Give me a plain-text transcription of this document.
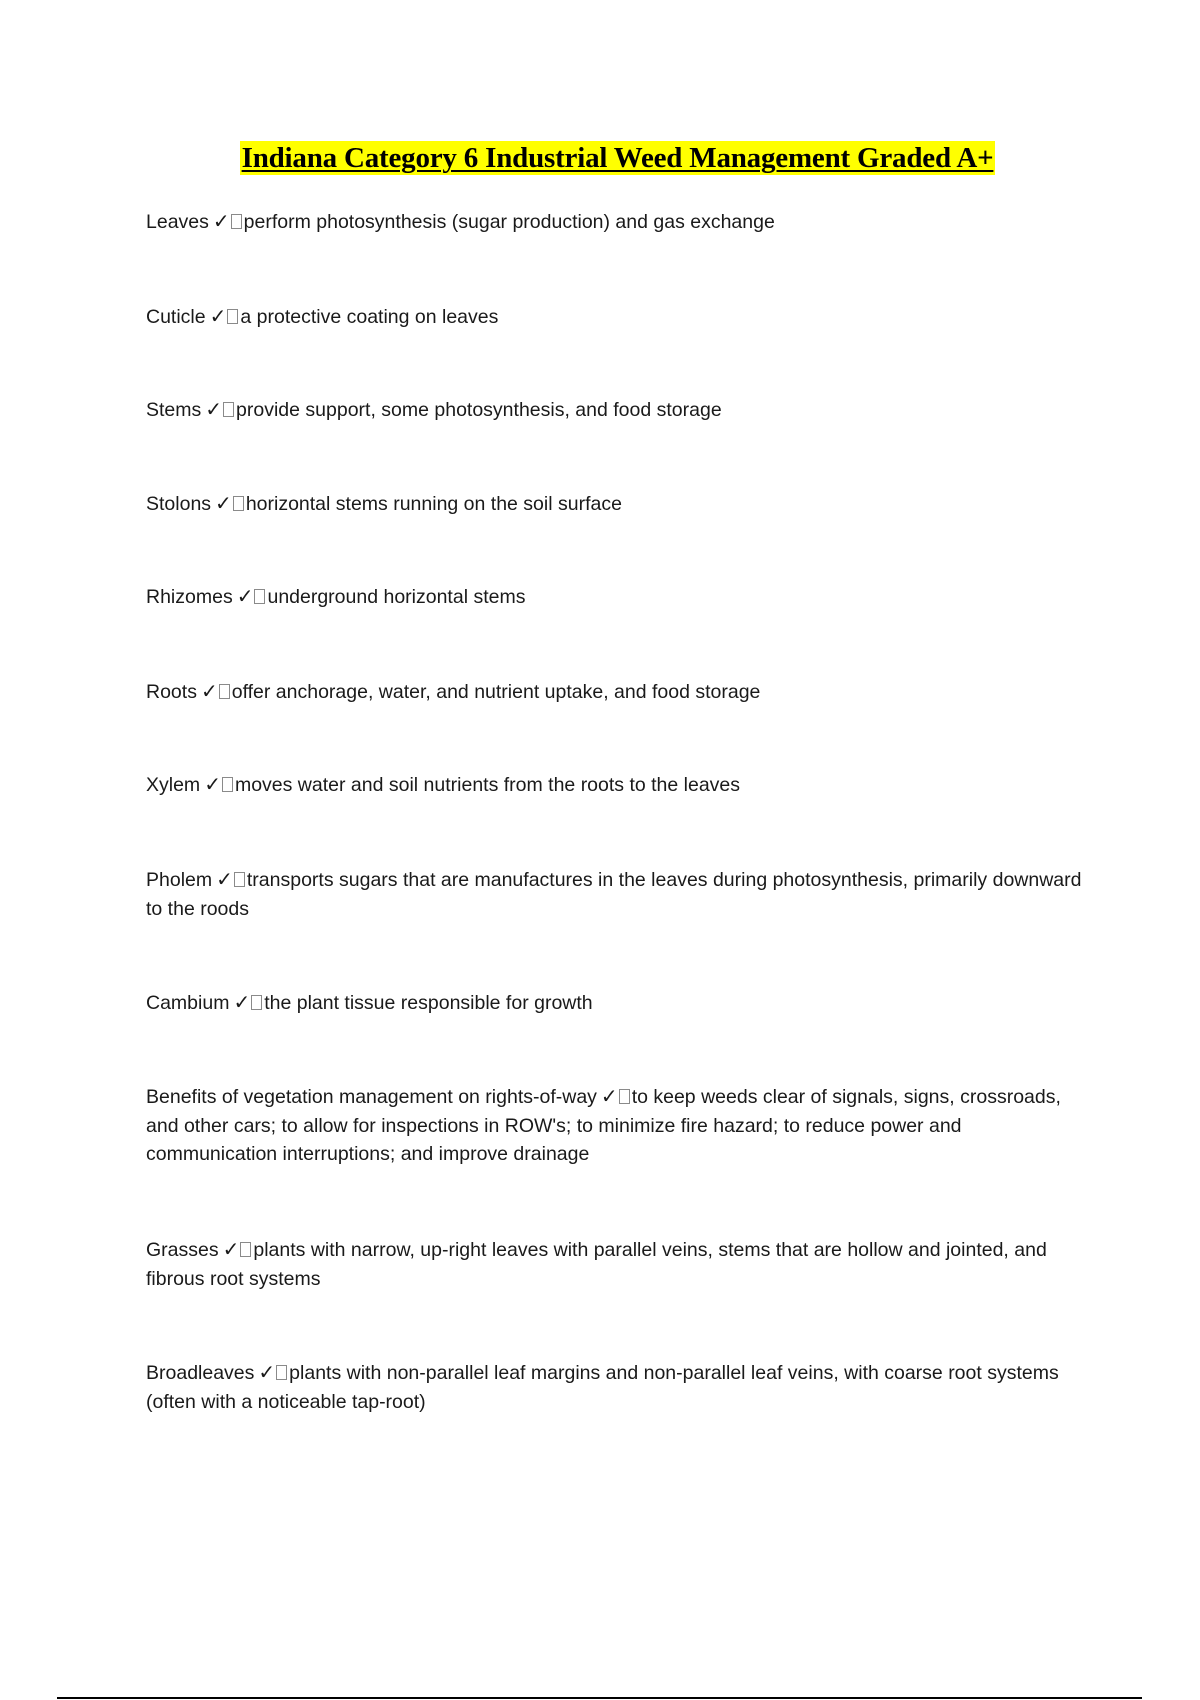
Indiana Category 6 Industrial Weed Management Graded A+
Leaves ✓ perform photosynthesis (sugar production) and gas exchange
Cuticle ✓ a protective coating on leaves
Stems ✓ provide support, some photosynthesis, and food storage
Stolons ✓ horizontal stems running on the soil surface
Rhizomes ✓ underground horizontal stems
Roots ✓ offer anchorage, water, and nutrient uptake, and food storage
Xylem ✓ moves water and soil nutrients from the roots to the leaves
Pholem ✓ transports sugars that are manufactures in the leaves during photosynthesis, primarily downward to the roods
Cambium ✓ the plant tissue responsible for growth
Benefits of vegetation management on rights-of-way ✓ to keep weeds clear of signals, signs, crossroads, and other cars; to allow for inspections in ROW's; to minimize fire hazard; to reduce power and communication interruptions; and improve drainage
Grasses ✓ plants with narrow, up-right leaves with parallel veins, stems that are hollow and jointed, and fibrous root systems
Broadleaves ✓ plants with non-parallel leaf margins and non-parallel leaf veins, with coarse root systems (often with a noticeable tap-root)
